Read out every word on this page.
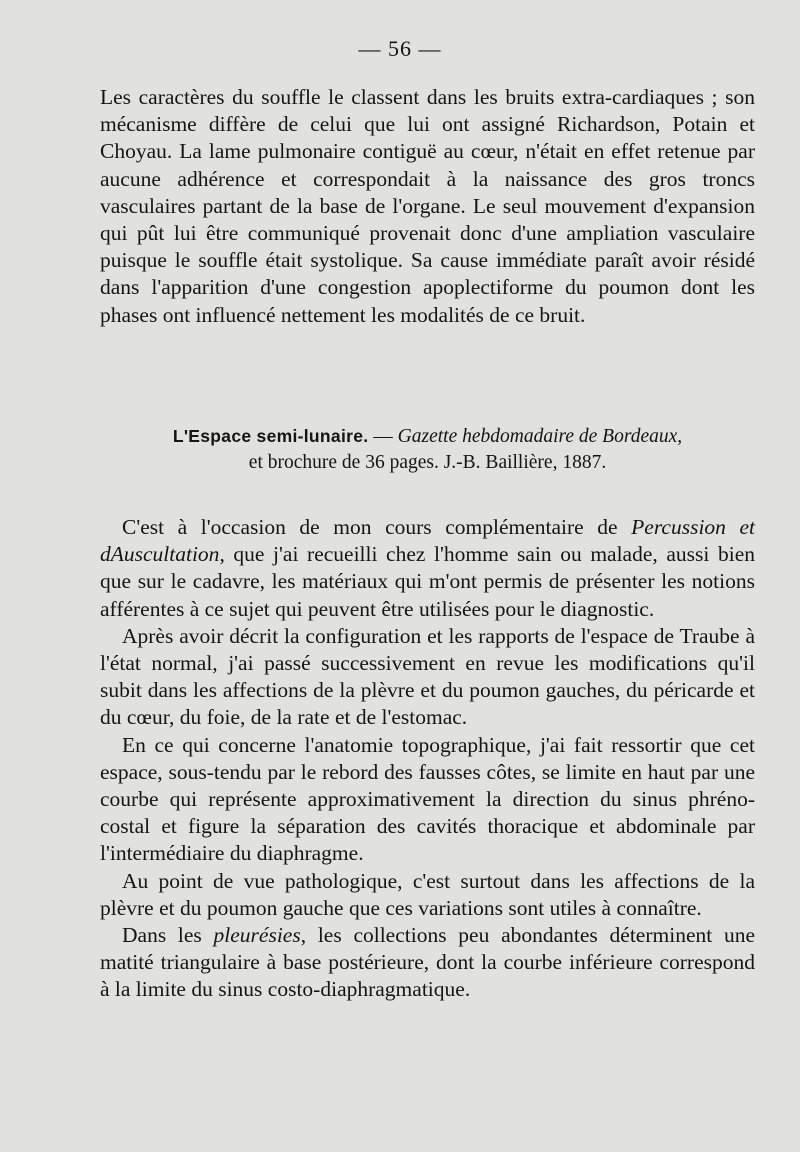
— 56 —

Les caractères du souffle le classent dans les bruits extra-cardiaques ; son mécanisme diffère de celui que lui ont assigné Richardson, Potain et Choyau. La lame pulmonaire contiguë au cœur, n'était en effet retenue par aucune adhérence et correspondait à la naissance des gros troncs vasculaires partant de la base de l'organe. Le seul mouvement d'expansion qui pût lui être communiqué provenait donc d'une ampliation vasculaire puisque le souffle était systolique. Sa cause immédiate paraît avoir résidé dans l'apparition d'une congestion apoplectiforme du poumon dont les phases ont influencé nettement les modalités de ce bruit.

L'Espace semi-lunaire. — Gazette hebdomadaire de Bordeaux,
et brochure de 36 pages. J.-B. Baillière, 1887.

C'est à l'occasion de mon cours complémentaire de Percussion et dAuscultation, que j'ai recueilli chez l'homme sain ou malade, aussi bien que sur le cadavre, les matériaux qui m'ont permis de présenter les notions afférentes à ce sujet qui peuvent être utilisées pour le diagnostic.

Après avoir décrit la configuration et les rapports de l'espace de Traube à l'état normal, j'ai passé successivement en revue les modifications qu'il subit dans les affections de la plèvre et du poumon gauches, du péricarde et du cœur, du foie, de la rate et de l'estomac.

En ce qui concerne l'anatomie topographique, j'ai fait ressortir que cet espace, sous-tendu par le rebord des fausses côtes, se limite en haut par une courbe qui représente approximativement la direction du sinus phréno-costal et figure la séparation des cavités thoracique et abdominale par l'intermédiaire du diaphragme.

Au point de vue pathologique, c'est surtout dans les affections de la plèvre et du poumon gauche que ces variations sont utiles à connaître.

Dans les pleurésies, les collections peu abondantes déterminent une matité triangulaire à base postérieure, dont la courbe inférieure correspond à la limite du sinus costo-diaphragmatique.
